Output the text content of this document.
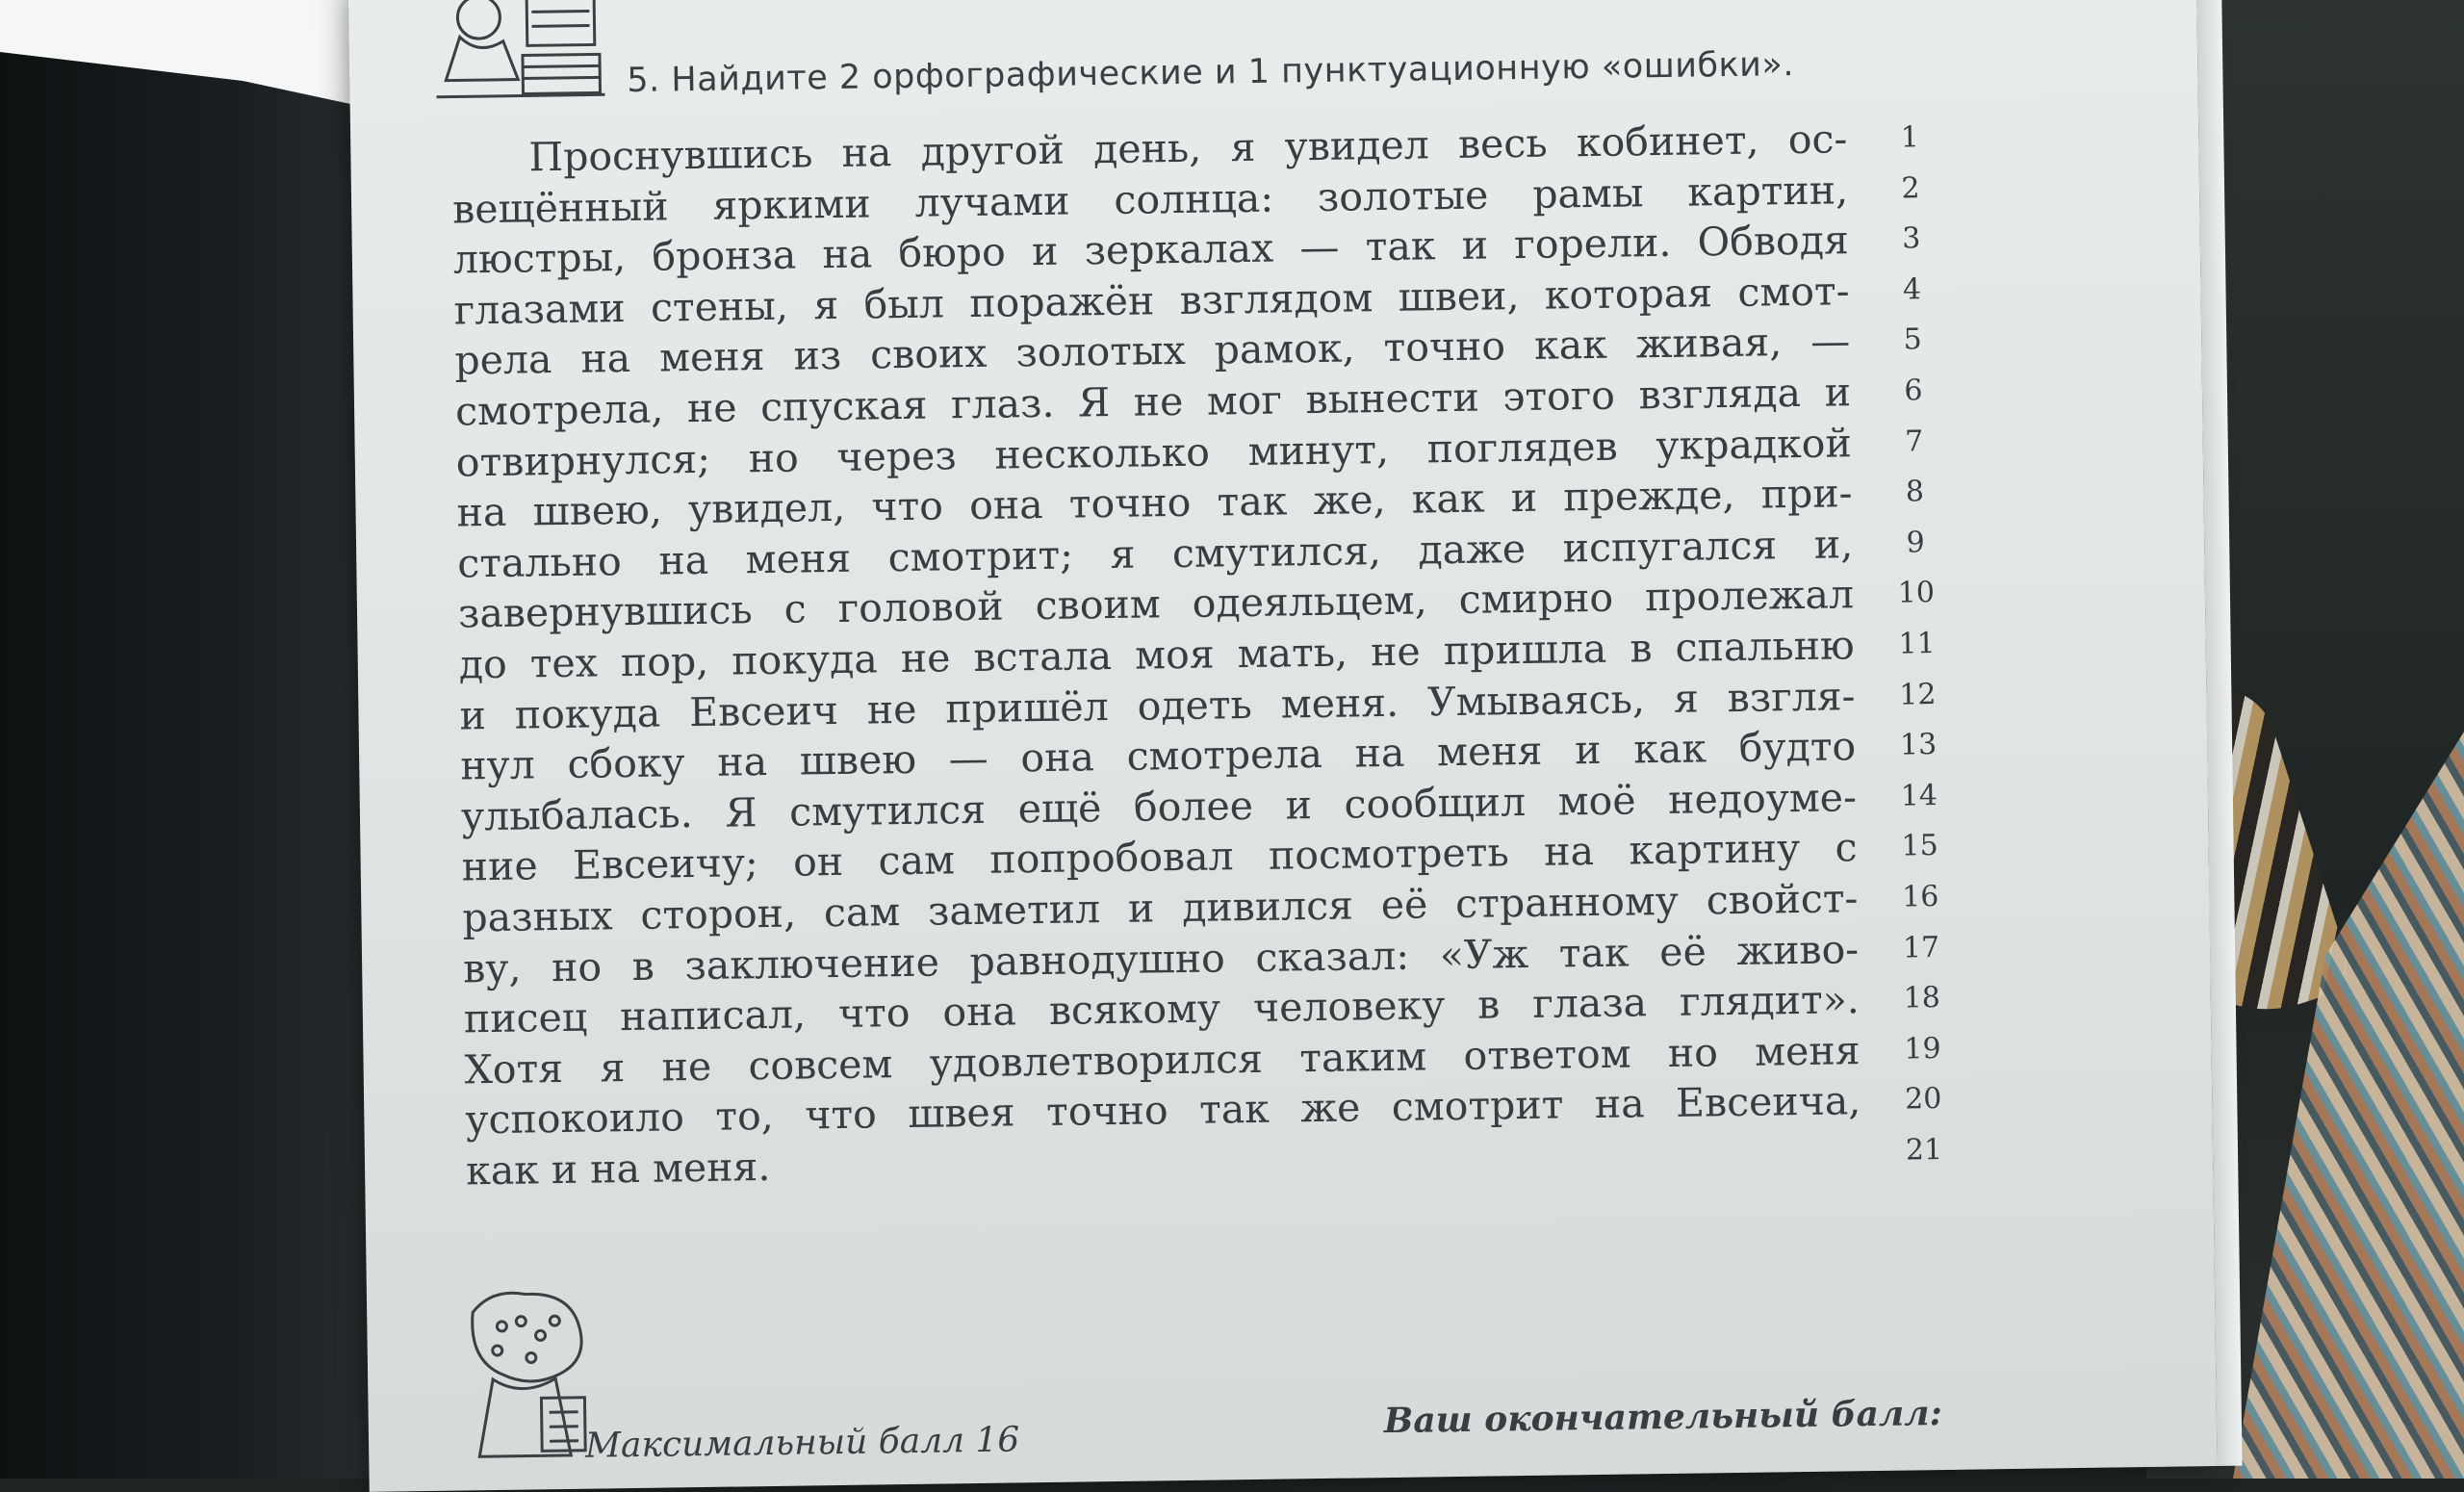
5. Найдите 2 орфографические и 1 пунктуационную «ошибки».
Проснувшись на другой день, я увидел весь кобинет, ос-
вещённый яркими лучами солнца: золотые рамы картин,
люстры, бронза на бюро и зеркалах — так и горели. Обводя
глазами стены, я был поражён взглядом швеи, которая смот-
рела на меня из своих золотых рамок, точно как живая, —
смотрела, не спуская глаз. Я не мог вынести этого взгляда и
отвирнулся; но через несколько минут, поглядев украдкой
на швею, увидел, что она точно так же, как и прежде, при-
стально на меня смотрит; я смутился, даже испугался и,
завернувшись с головой своим одеяльцем, смирно пролежал
до тех пор, покуда не встала моя мать, не пришла в спальню
и покуда Евсеич не пришёл одеть меня. Умываясь, я взгля-
нул сбоку на швею — она смотрела на меня и как будто
улыбалась. Я смутился ещё более и сообщил моё недоуме-
ние Евсеичу; он сам попробовал посмотреть на картину с
разных сторон, сам заметил и дивился её странному свойст-
ву, но в заключение равнодушно сказал: «Уж так её живо-
писец написал, что она всякому человеку в глаза глядит».
Хотя я не совсем удовлетворился таким ответом но меня
успокоило то, что швея точно так же смотрит на Евсеича,
как и на меня.
1
2
3
4
5
6
7
8
9
10
11
12
13
14
15
16
17
18
19
20
21
Максимальный балл 16
Ваш окончательный балл:
